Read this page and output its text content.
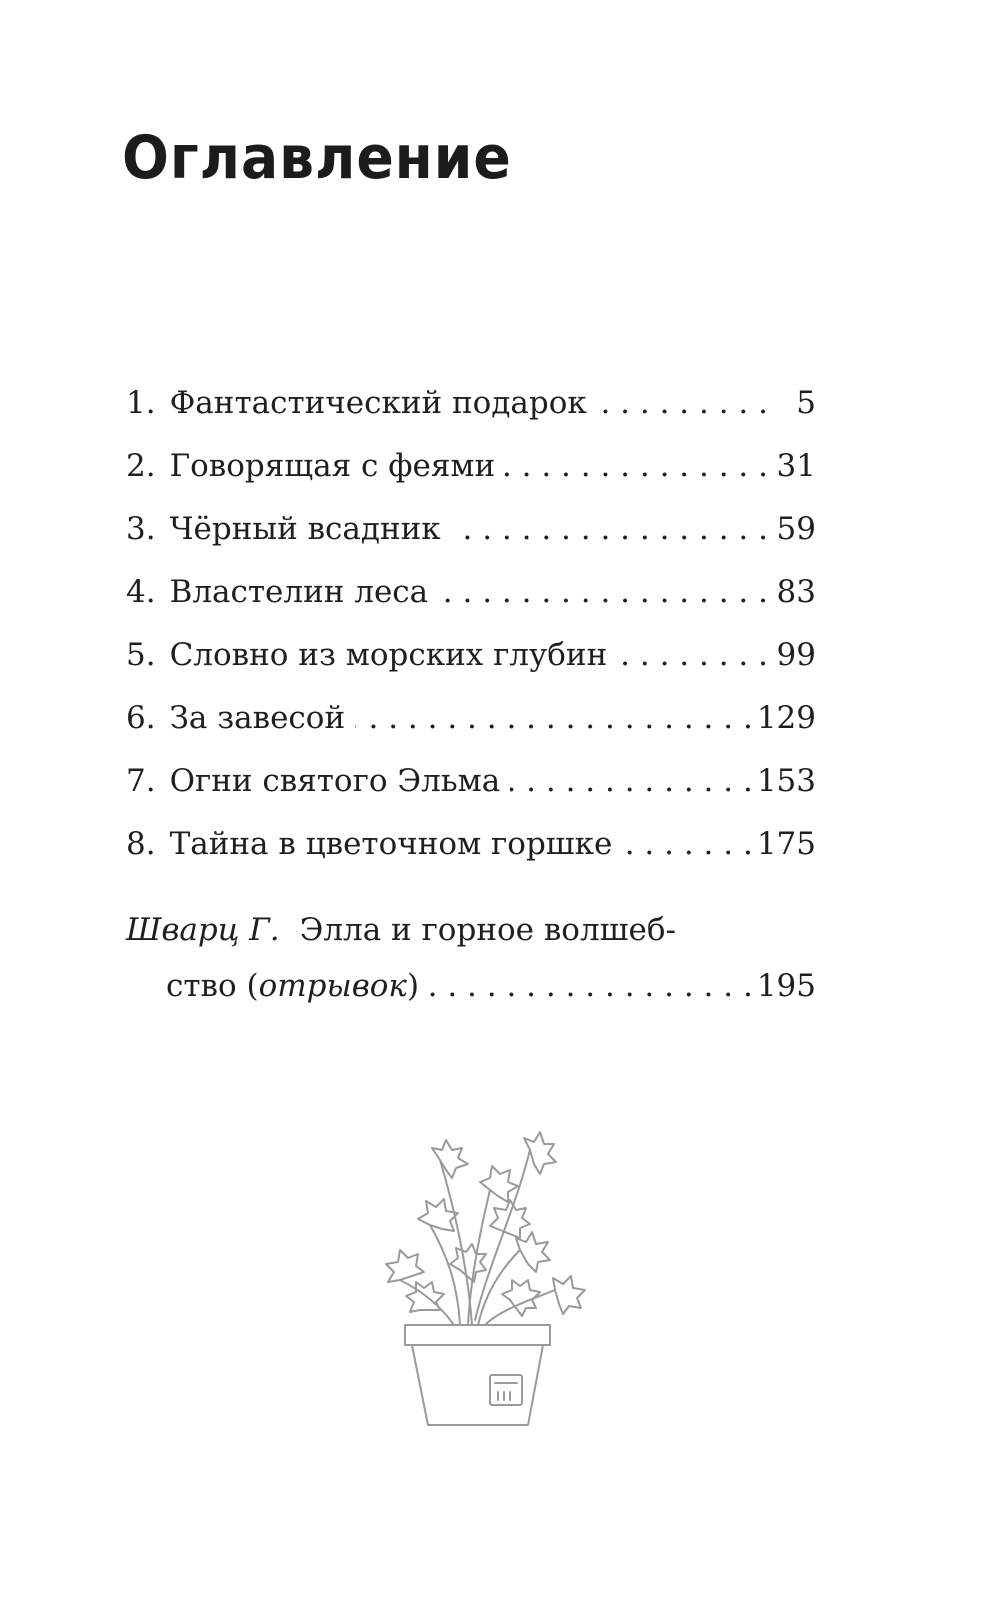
Оглавление
1. Фантастический подарок . . .	5
2. Говорящая с феями . . .	31
3. Чёрный всадник . . .	59
4. Властелин леса . . .	83
5. Словно из морских глубин . . .	99
6. За завесой . . .	129
7. Огни святого Эльма . . .	153
8. Тайна в цветочном горшке . . .	175
Шварц Г. Элла и горное волшеб-
ство (отрывок) . . .	195
